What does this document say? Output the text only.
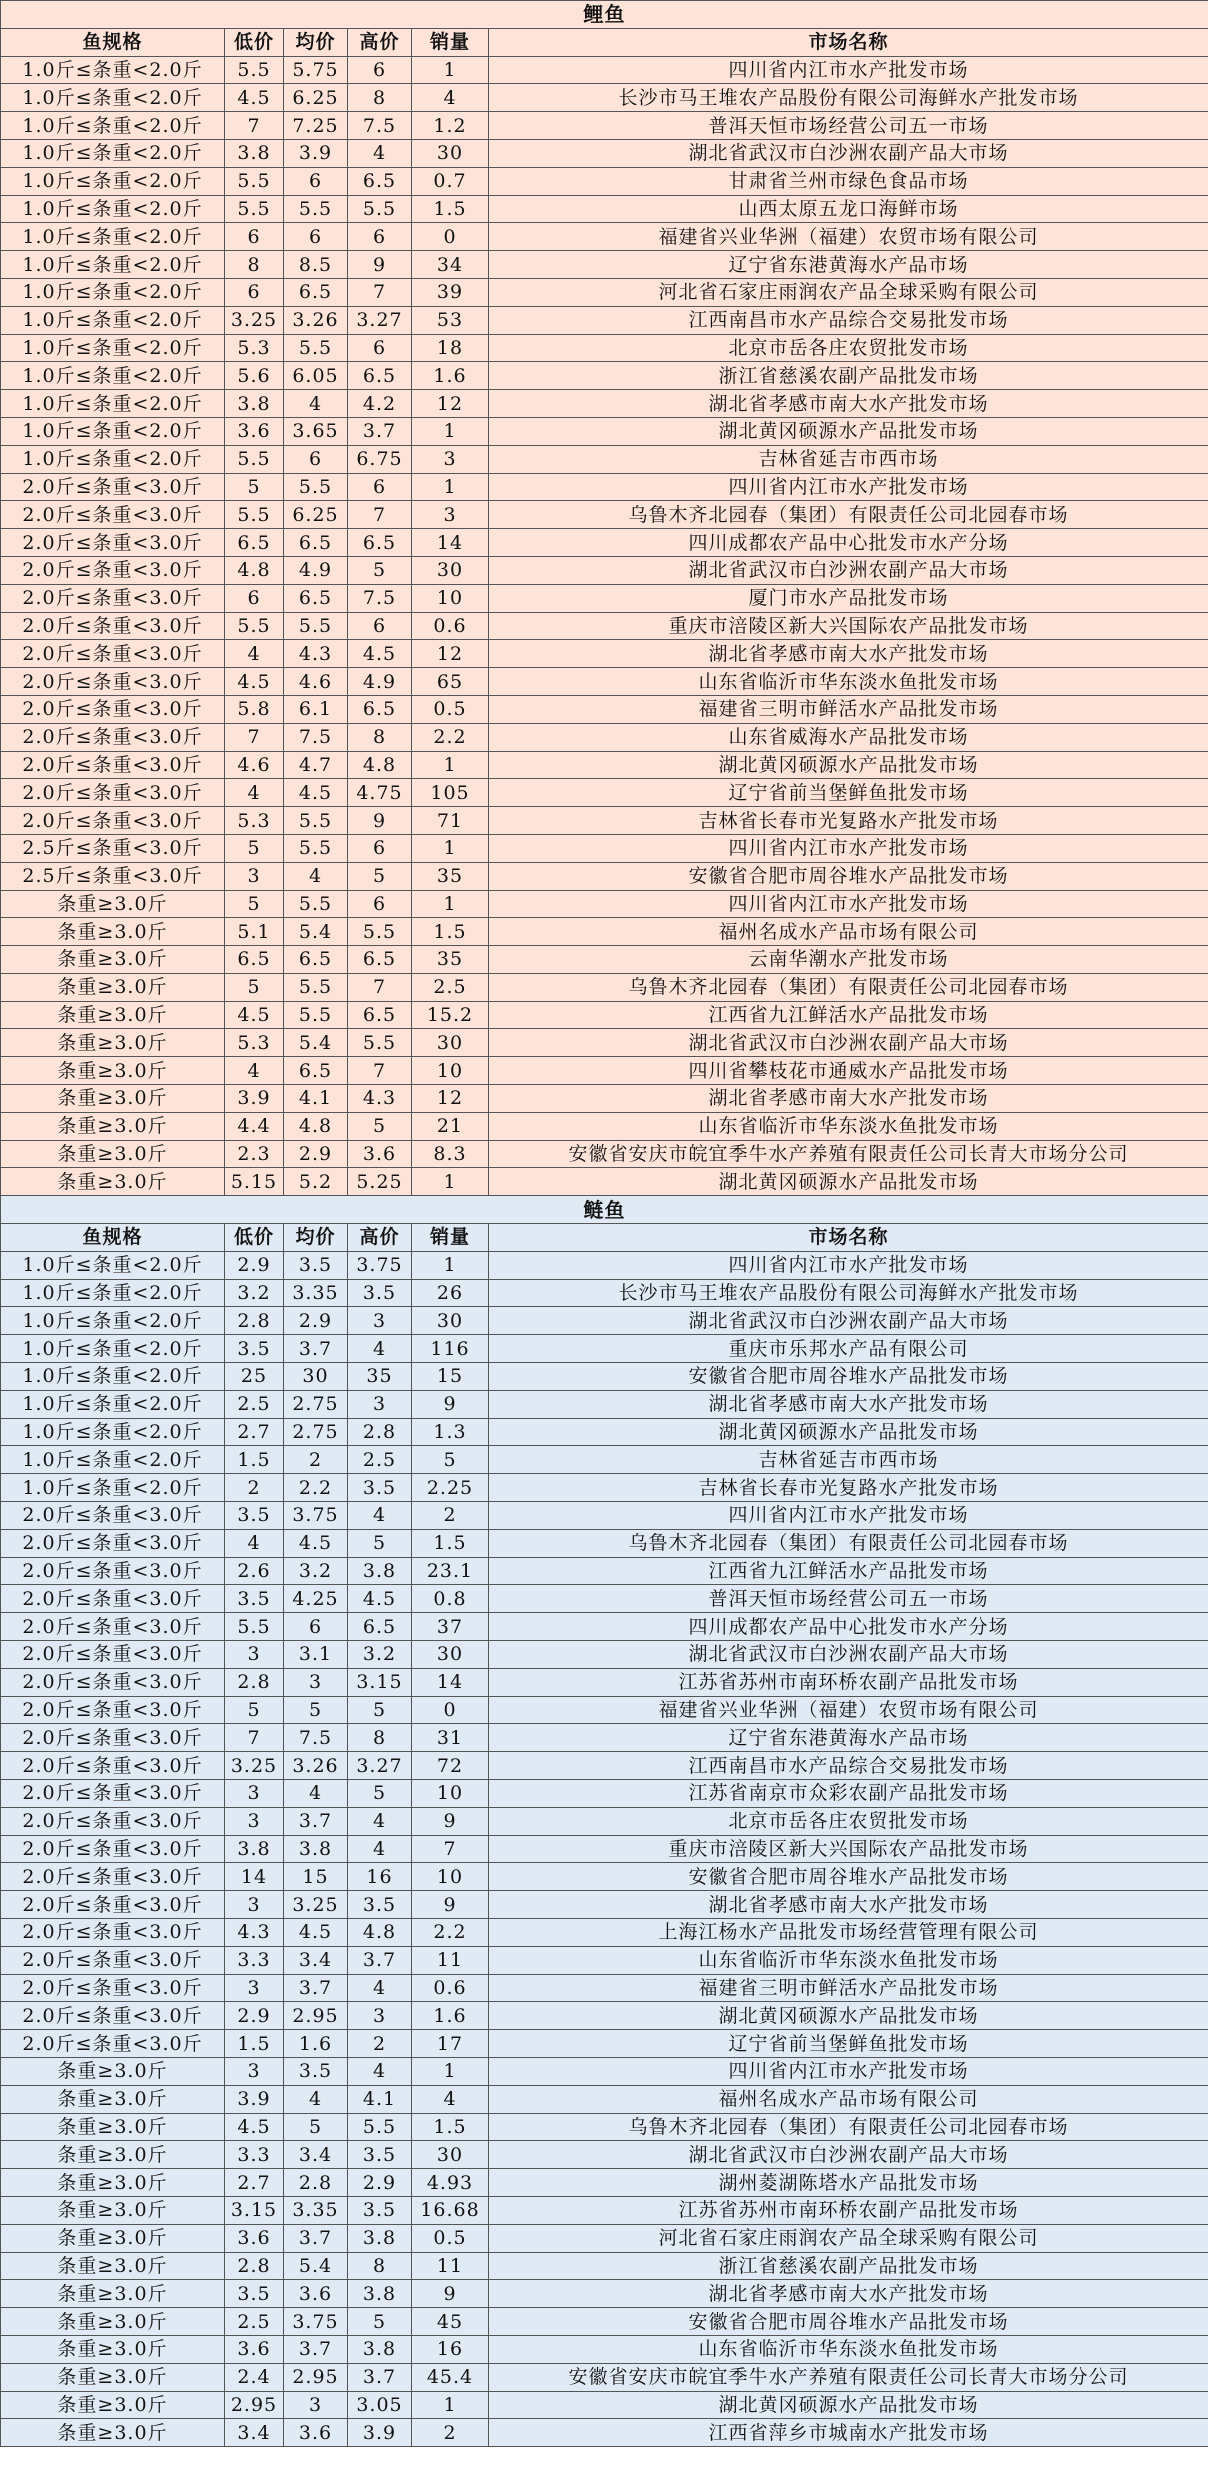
鲤鱼					
鱼规格	低价	均价	高价	销量	市场名称
1.0斤≤条重<2.0斤	5.5	5.75	6	1	四川省内江市水产批发市场
1.0斤≤条重<2.0斤	4.5	6.25	8	4	长沙市马王堆农产品股份有限公司海鲜水产批发市场
1.0斤≤条重<2.0斤	7	7.25	7.5	1.2	普洱天恒市场经营公司五一市场
1.0斤≤条重<2.0斤	3.8	3.9	4	30	湖北省武汉市白沙洲农副产品大市场
1.0斤≤条重<2.0斤	5.5	6	6.5	0.7	甘肃省兰州市绿色食品市场
1.0斤≤条重<2.0斤	5.5	5.5	5.5	1.5	山西太原五龙口海鲜市场
1.0斤≤条重<2.0斤	6	6	6	0	福建省兴业华洲（福建）农贸市场有限公司
1.0斤≤条重<2.0斤	8	8.5	9	34	辽宁省东港黄海水产品市场
1.0斤≤条重<2.0斤	6	6.5	7	39	河北省石家庄雨润农产品全球采购有限公司
1.0斤≤条重<2.0斤	3.25	3.26	3.27	53	江西南昌市水产品综合交易批发市场
1.0斤≤条重<2.0斤	5.3	5.5	6	18	北京市岳各庄农贸批发市场
1.0斤≤条重<2.0斤	5.6	6.05	6.5	1.6	浙江省慈溪农副产品批发市场
1.0斤≤条重<2.0斤	3.8	4	4.2	12	湖北省孝感市南大水产批发市场
1.0斤≤条重<2.0斤	3.6	3.65	3.7	1	湖北黄冈硕源水产品批发市场
1.0斤≤条重<2.0斤	5.5	6	6.75	3	吉林省延吉市西市场
2.0斤≤条重<3.0斤	5	5.5	6	1	四川省内江市水产批发市场
2.0斤≤条重<3.0斤	5.5	6.25	7	3	乌鲁木齐北园春（集团）有限责任公司北园春市场
2.0斤≤条重<3.0斤	6.5	6.5	6.5	14	四川成都农产品中心批发市水产分场
2.0斤≤条重<3.0斤	4.8	4.9	5	30	湖北省武汉市白沙洲农副产品大市场
2.0斤≤条重<3.0斤	6	6.5	7.5	10	厦门市水产品批发市场
2.0斤≤条重<3.0斤	5.5	5.5	6	0.6	重庆市涪陵区新大兴国际农产品批发市场
2.0斤≤条重<3.0斤	4	4.3	4.5	12	湖北省孝感市南大水产批发市场
2.0斤≤条重<3.0斤	4.5	4.6	4.9	65	山东省临沂市华东淡水鱼批发市场
2.0斤≤条重<3.0斤	5.8	6.1	6.5	0.5	福建省三明市鲜活水产品批发市场
2.0斤≤条重<3.0斤	7	7.5	8	2.2	山东省威海水产品批发市场
2.0斤≤条重<3.0斤	4.6	4.7	4.8	1	湖北黄冈硕源水产品批发市场
2.0斤≤条重<3.0斤	4	4.5	4.75	105	辽宁省前当堡鲜鱼批发市场
2.0斤≤条重<3.0斤	5.3	5.5	9	71	吉林省长春市光复路水产批发市场
2.5斤≤条重<3.0斤	5	5.5	6	1	四川省内江市水产批发市场
2.5斤≤条重<3.0斤	3	4	5	35	安徽省合肥市周谷堆水产品批发市场
条重≥3.0斤	5	5.5	6	1	四川省内江市水产批发市场
条重≥3.0斤	5.1	5.4	5.5	1.5	福州名成水产品市场有限公司
条重≥3.0斤	6.5	6.5	6.5	35	云南华潮水产批发市场
条重≥3.0斤	5	5.5	7	2.5	乌鲁木齐北园春（集团）有限责任公司北园春市场
条重≥3.0斤	4.5	5.5	6.5	15.2	江西省九江鲜活水产品批发市场
条重≥3.0斤	5.3	5.4	5.5	30	湖北省武汉市白沙洲农副产品大市场
条重≥3.0斤	4	6.5	7	10	四川省攀枝花市通威水产品批发市场
条重≥3.0斤	3.9	4.1	4.3	12	湖北省孝感市南大水产批发市场
条重≥3.0斤	4.4	4.8	5	21	山东省临沂市华东淡水鱼批发市场
条重≥3.0斤	2.3	2.9	3.6	8.3	安徽省安庆市皖宜季牛水产养殖有限责任公司长青大市场分公司
条重≥3.0斤	5.15	5.2	5.25	1	湖北黄冈硕源水产品批发市场
鲢鱼					
鱼规格	低价	均价	高价	销量	市场名称
1.0斤≤条重<2.0斤	2.9	3.5	3.75	1	四川省内江市水产批发市场
1.0斤≤条重<2.0斤	3.2	3.35	3.5	26	长沙市马王堆农产品股份有限公司海鲜水产批发市场
1.0斤≤条重<2.0斤	2.8	2.9	3	30	湖北省武汉市白沙洲农副产品大市场
1.0斤≤条重<2.0斤	3.5	3.7	4	116	重庆市乐邦水产品有限公司
1.0斤≤条重<2.0斤	25	30	35	15	安徽省合肥市周谷堆水产品批发市场
1.0斤≤条重<2.0斤	2.5	2.75	3	9	湖北省孝感市南大水产批发市场
1.0斤≤条重<2.0斤	2.7	2.75	2.8	1.3	湖北黄冈硕源水产品批发市场
1.0斤≤条重<2.0斤	1.5	2	2.5	5	吉林省延吉市西市场
1.0斤≤条重<2.0斤	2	2.2	3.5	2.25	吉林省长春市光复路水产批发市场
2.0斤≤条重<3.0斤	3.5	3.75	4	2	四川省内江市水产批发市场
2.0斤≤条重<3.0斤	4	4.5	5	1.5	乌鲁木齐北园春（集团）有限责任公司北园春市场
2.0斤≤条重<3.0斤	2.6	3.2	3.8	23.1	江西省九江鲜活水产品批发市场
2.0斤≤条重<3.0斤	3.5	4.25	4.5	0.8	普洱天恒市场经营公司五一市场
2.0斤≤条重<3.0斤	5.5	6	6.5	37	四川成都农产品中心批发市水产分场
2.0斤≤条重<3.0斤	3	3.1	3.2	30	湖北省武汉市白沙洲农副产品大市场
2.0斤≤条重<3.0斤	2.8	3	3.15	14	江苏省苏州市南环桥农副产品批发市场
2.0斤≤条重<3.0斤	5	5	5	0	福建省兴业华洲（福建）农贸市场有限公司
2.0斤≤条重<3.0斤	7	7.5	8	31	辽宁省东港黄海水产品市场
2.0斤≤条重<3.0斤	3.25	3.26	3.27	72	江西南昌市水产品综合交易批发市场
2.0斤≤条重<3.0斤	3	4	5	10	江苏省南京市众彩农副产品批发市场
2.0斤≤条重<3.0斤	3	3.7	4	9	北京市岳各庄农贸批发市场
2.0斤≤条重<3.0斤	3.8	3.8	4	7	重庆市涪陵区新大兴国际农产品批发市场
2.0斤≤条重<3.0斤	14	15	16	10	安徽省合肥市周谷堆水产品批发市场
2.0斤≤条重<3.0斤	3	3.25	3.5	9	湖北省孝感市南大水产批发市场
2.0斤≤条重<3.0斤	4.3	4.5	4.8	2.2	上海江杨水产品批发市场经营管理有限公司
2.0斤≤条重<3.0斤	3.3	3.4	3.7	11	山东省临沂市华东淡水鱼批发市场
2.0斤≤条重<3.0斤	3	3.7	4	0.6	福建省三明市鲜活水产品批发市场
2.0斤≤条重<3.0斤	2.9	2.95	3	1.6	湖北黄冈硕源水产品批发市场
2.0斤≤条重<3.0斤	1.5	1.6	2	17	辽宁省前当堡鲜鱼批发市场
条重≥3.0斤	3	3.5	4	1	四川省内江市水产批发市场
条重≥3.0斤	3.9	4	4.1	4	福州名成水产品市场有限公司
条重≥3.0斤	4.5	5	5.5	1.5	乌鲁木齐北园春（集团）有限责任公司北园春市场
条重≥3.0斤	3.3	3.4	3.5	30	湖北省武汉市白沙洲农副产品大市场
条重≥3.0斤	2.7	2.8	2.9	4.93	湖州菱湖陈塔水产品批发市场
条重≥3.0斤	3.15	3.35	3.5	16.68	江苏省苏州市南环桥农副产品批发市场
条重≥3.0斤	3.6	3.7	3.8	0.5	河北省石家庄雨润农产品全球采购有限公司
条重≥3.0斤	2.8	5.4	8	11	浙江省慈溪农副产品批发市场
条重≥3.0斤	3.5	3.6	3.8	9	湖北省孝感市南大水产批发市场
条重≥3.0斤	2.5	3.75	5	45	安徽省合肥市周谷堆水产品批发市场
条重≥3.0斤	3.6	3.7	3.8	16	山东省临沂市华东淡水鱼批发市场
条重≥3.0斤	2.4	2.95	3.7	45.4	安徽省安庆市皖宜季牛水产养殖有限责任公司长青大市场分公司
条重≥3.0斤	2.95	3	3.05	1	湖北黄冈硕源水产品批发市场
条重≥3.0斤	3.4	3.6	3.9	2	江西省萍乡市城南水产批发市场
